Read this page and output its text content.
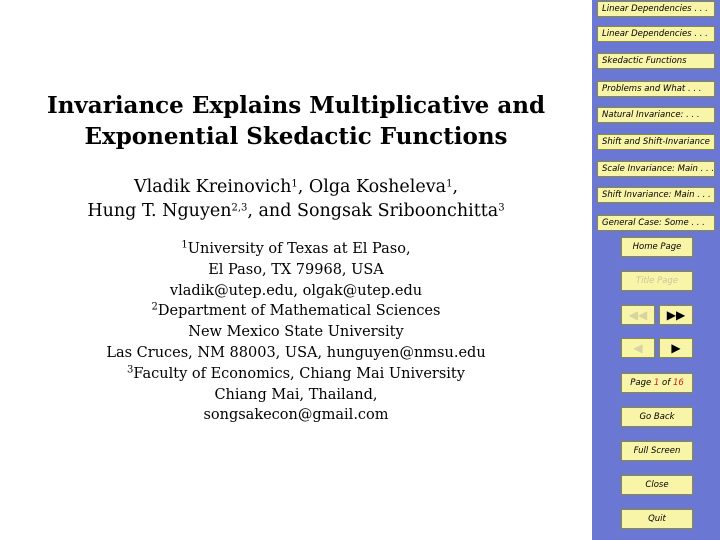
Invariance Explains Multiplicative and
Exponential Skedactic Functions
Vladik Kreinovich$^1$, Olga Kosheleva$^1$,
Hung T. Nguyen$^{2,3}$, and Songsak Sriboonchitta$^3$
$^1$University of Texas at El Paso,
El Paso, TX 79968, USA
vladik@utep.edu, olgak@utep.edu
$^2$Department of Mathematical Sciences
New Mexico State University
Las Cruces, NM 88003, USA, hunguyen@nmsu.edu
$^3$Faculty of Economics, Chiang Mai University
Chiang Mai, Thailand,
songsakecon@gmail.com
Linear Dependencies . . .
Linear Dependencies . . .
Skedactic Functions
Problems and What . . .
Natural Invariance: . . .
Shift and Shift-Invariance
Scale Invariance: Main . . .
Shift Invariance: Main . . .
General Case: Some . . .
Home Page
Title Page
◀◀	▶▶
◀	▶
Page
1
of
16
Go Back
Full Screen
Close
Quit
